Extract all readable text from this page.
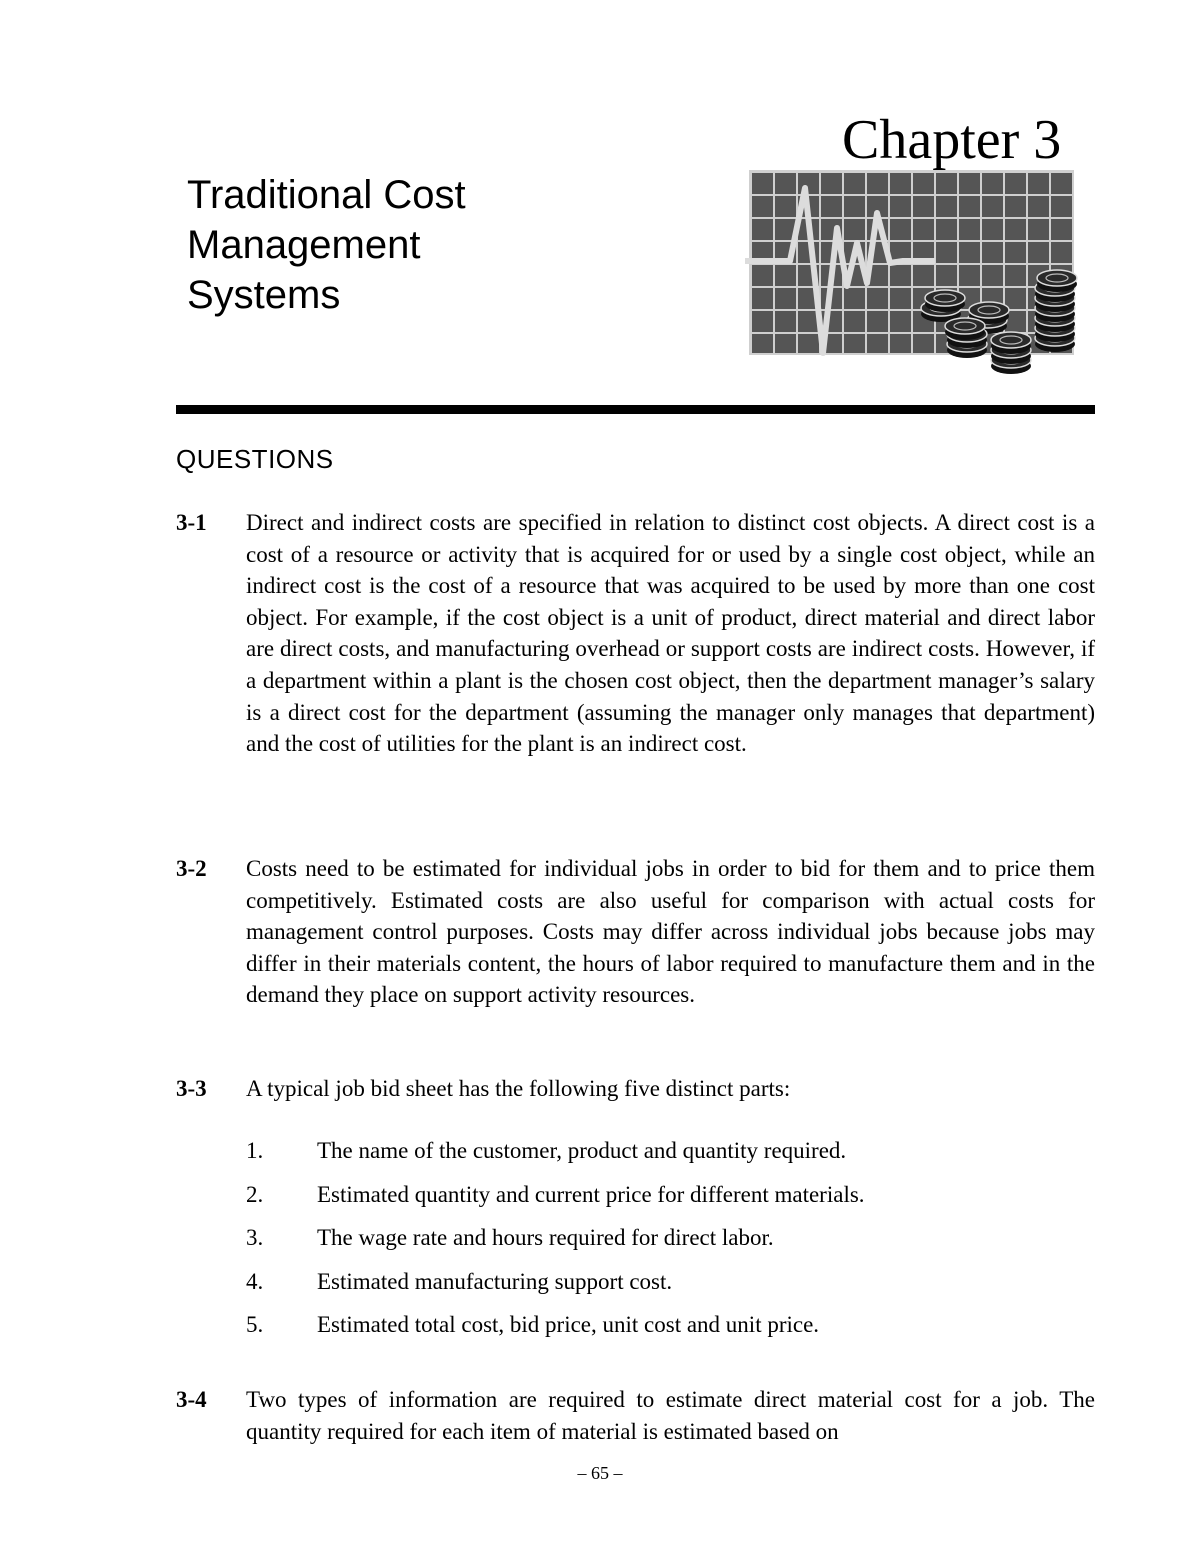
Chapter 3
Traditional Cost
Management
Systems
QUESTIONS
3-1 Direct and indirect costs are specified in relation to distinct cost objects. A direct cost is a cost of a resource or activity that is acquired for or used by a single cost object, while an indirect cost is the cost of a resource that was acquired to be used by more than one cost object. For example, if the cost object is a unit of product, direct material and direct labor are direct costs, and manufacturing overhead or support costs are indirect costs. However, if a department within a plant is the chosen cost object, then the department manager’s salary is a direct cost for the department (assuming the manager only manages that department) and the cost of utilities for the plant is an indirect cost.
3-2 Costs need to be estimated for individual jobs in order to bid for them and to price them competitively. Estimated costs are also useful for comparison with actual costs for management control purposes. Costs may differ across individual jobs because jobs may differ in their materials content, the hours of labor required to manufacture them and in the demand they place on support activity resources.
3-3 A typical job bid sheet has the following five distinct parts:
1. The name of the customer, product and quantity required.
2. Estimated quantity and current price for different materials.
3. The wage rate and hours required for direct labor.
4. Estimated manufacturing support cost.
5. Estimated total cost, bid price, unit cost and unit price.
3-4 Two types of information are required to estimate direct material cost for a job. The quantity required for each item of material is estimated based on
– 65 –
